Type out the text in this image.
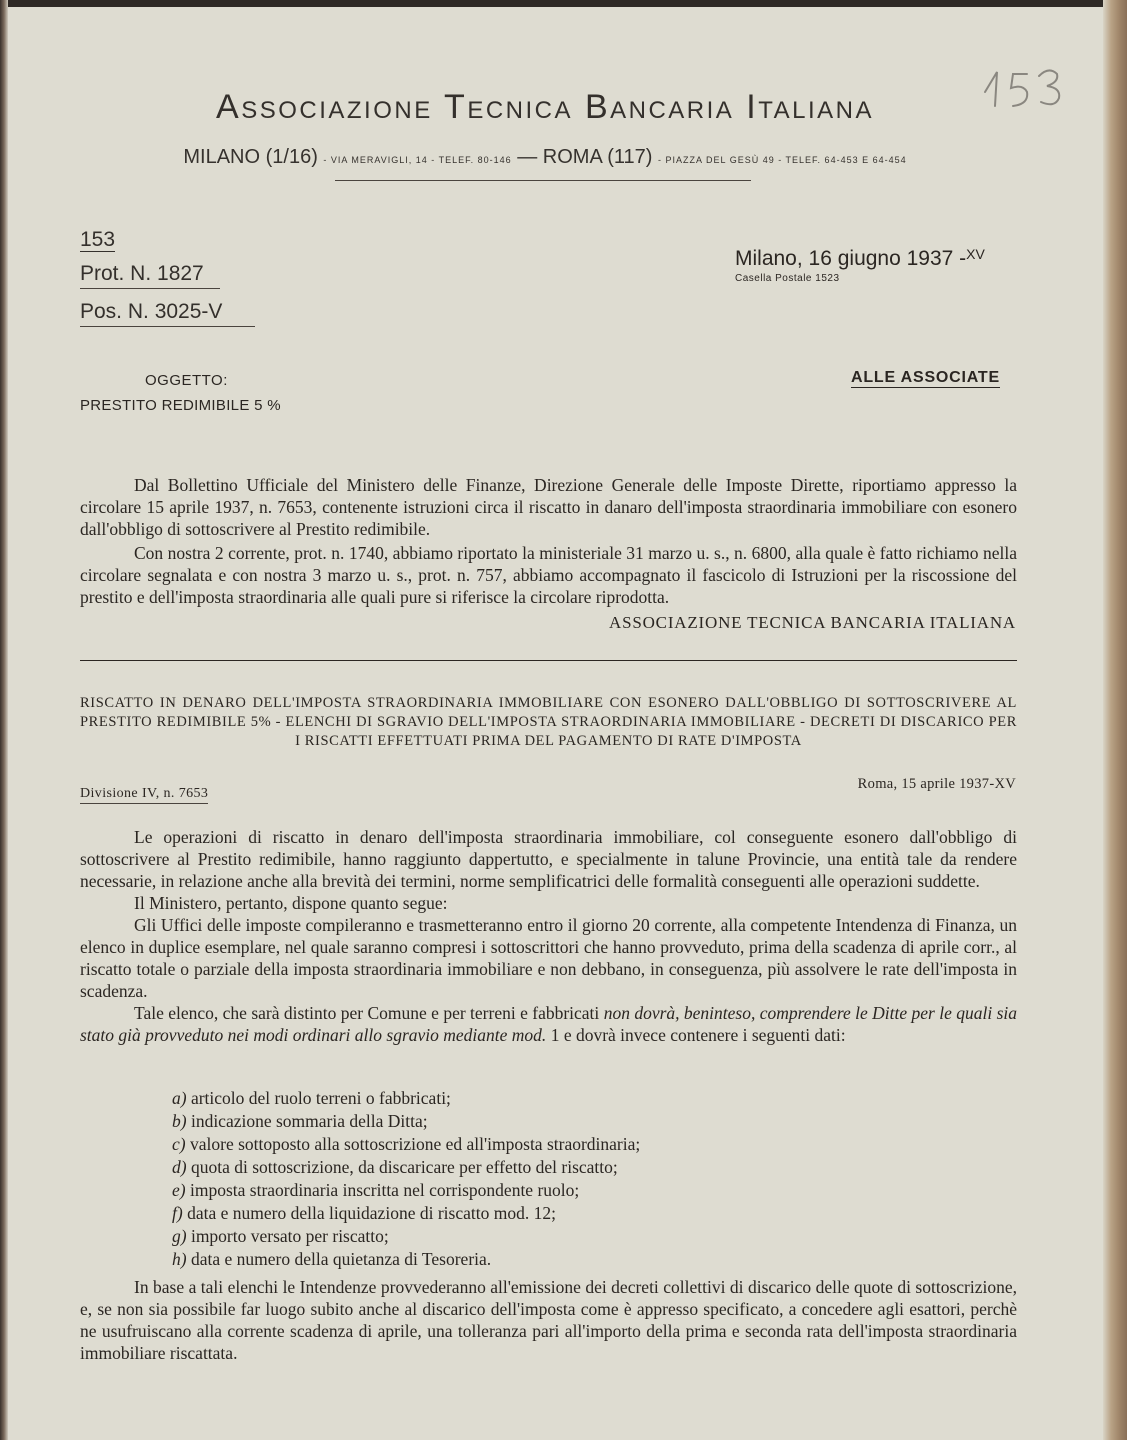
Associazione Tecnica Bancaria Italiana
MILANO (1/16) - VIA MERAVIGLI, 14 - TELEF. 80-146 — ROMA (117) - PIAZZA DEL GESÙ 49 - TELEF. 64-453 E 64-454
153
Prot. N. 1827
Pos. N. 3025-V
Milano, 16 giugno 1937 -$^{XV}$
Casella Postale 1523
OGGETTO:
PRESTITO REDIMIBILE 5 %
ALLE ASSOCIATE

Dal Bollettino Ufficiale del Ministero delle Finanze, Direzione Generale delle Imposte Dirette, riportiamo appresso la circolare 15 aprile 1937, n. 7653, contenente istruzioni circa il riscatto in danaro dell'imposta straordinaria immobiliare con esonero dall'obbligo di sottoscrivere al Prestito redimibile.

Con nostra 2 corrente, prot. n. 1740, abbiamo riportato la ministeriale 31 marzo u. s., n. 6800, alla quale è fatto richiamo nella circolare segnalata e con nostra 3 marzo u. s., prot. n. 757, abbiamo accompagnato il fascicolo di Istruzioni per la riscossione del prestito e dell'imposta straordinaria alle quali pure si riferisce la circolare riprodotta.

ASSOCIAZIONE TECNICA BANCARIA ITALIANA
RISCATTO IN DENARO DELL'IMPOSTA STRAORDINARIA IMMOBILIARE CON ESONERO DALL'OBBLIGO DI SOTTOSCRIVERE AL PRESTITO REDIMIBILE 5% - ELENCHI DI SGRAVIO DELL'IMPOSTA STRAORDINARIA IMMOBILIARE - DECRETI DI DISCARICO PER I RISCATTI EFFETTUATI PRIMA DEL PAGAMENTO DI RATE D'IMPOSTA
Divisione IV, n. 7653
Roma, 15 aprile 1937-XV

Le operazioni di riscatto in denaro dell'imposta straordinaria immobiliare, col conseguente esonero dall'obbligo di sottoscrivere al Prestito redimibile, hanno raggiunto dappertutto, e specialmente in talune Provincie, una entità tale da rendere necessarie, in relazione anche alla brevità dei termini, norme semplificatrici delle formalità conseguenti alle operazioni suddette.

Il Ministero, pertanto, dispone quanto segue:

Gli Uffici delle imposte compileranno e trasmetteranno entro il giorno 20 corrente, alla competente Intendenza di Finanza, un elenco in duplice esemplare, nel quale saranno compresi i sottoscrittori che hanno provveduto, prima della scadenza di aprile corr., al riscatto totale o parziale della imposta straordinaria immobiliare e non debbano, in conseguenza, più assolvere le rate dell'imposta in scadenza.

Tale elenco, che sarà distinto per Comune e per terreni e fabbricati non dovrà, beninteso, comprendere le Ditte per le quali sia stato già provveduto nei modi ordinari allo sgravio mediante mod. 1 e dovrà invece contenere i seguenti dati:

a) articolo del ruolo terreni o fabbricati;
b) indicazione sommaria della Ditta;
c) valore sottoposto alla sottoscrizione ed all'imposta straordinaria;
d) quota di sottoscrizione, da discaricare per effetto del riscatto;
e) imposta straordinaria inscritta nel corrispondente ruolo;
f) data e numero della liquidazione di riscatto mod. 12;
g) importo versato per riscatto;
h) data e numero della quietanza di Tesoreria.

In base a tali elenchi le Intendenze provvederanno all'emissione dei decreti collettivi di discarico delle quote di sottoscrizione, e, se non sia possibile far luogo subito anche al discarico dell'imposta come è appresso specificato, a concedere agli esattori, perchè ne usufruiscano alla corrente scadenza di aprile, una tolleranza pari all'importo della prima e seconda rata dell'imposta straordinaria immobiliare riscattata.
